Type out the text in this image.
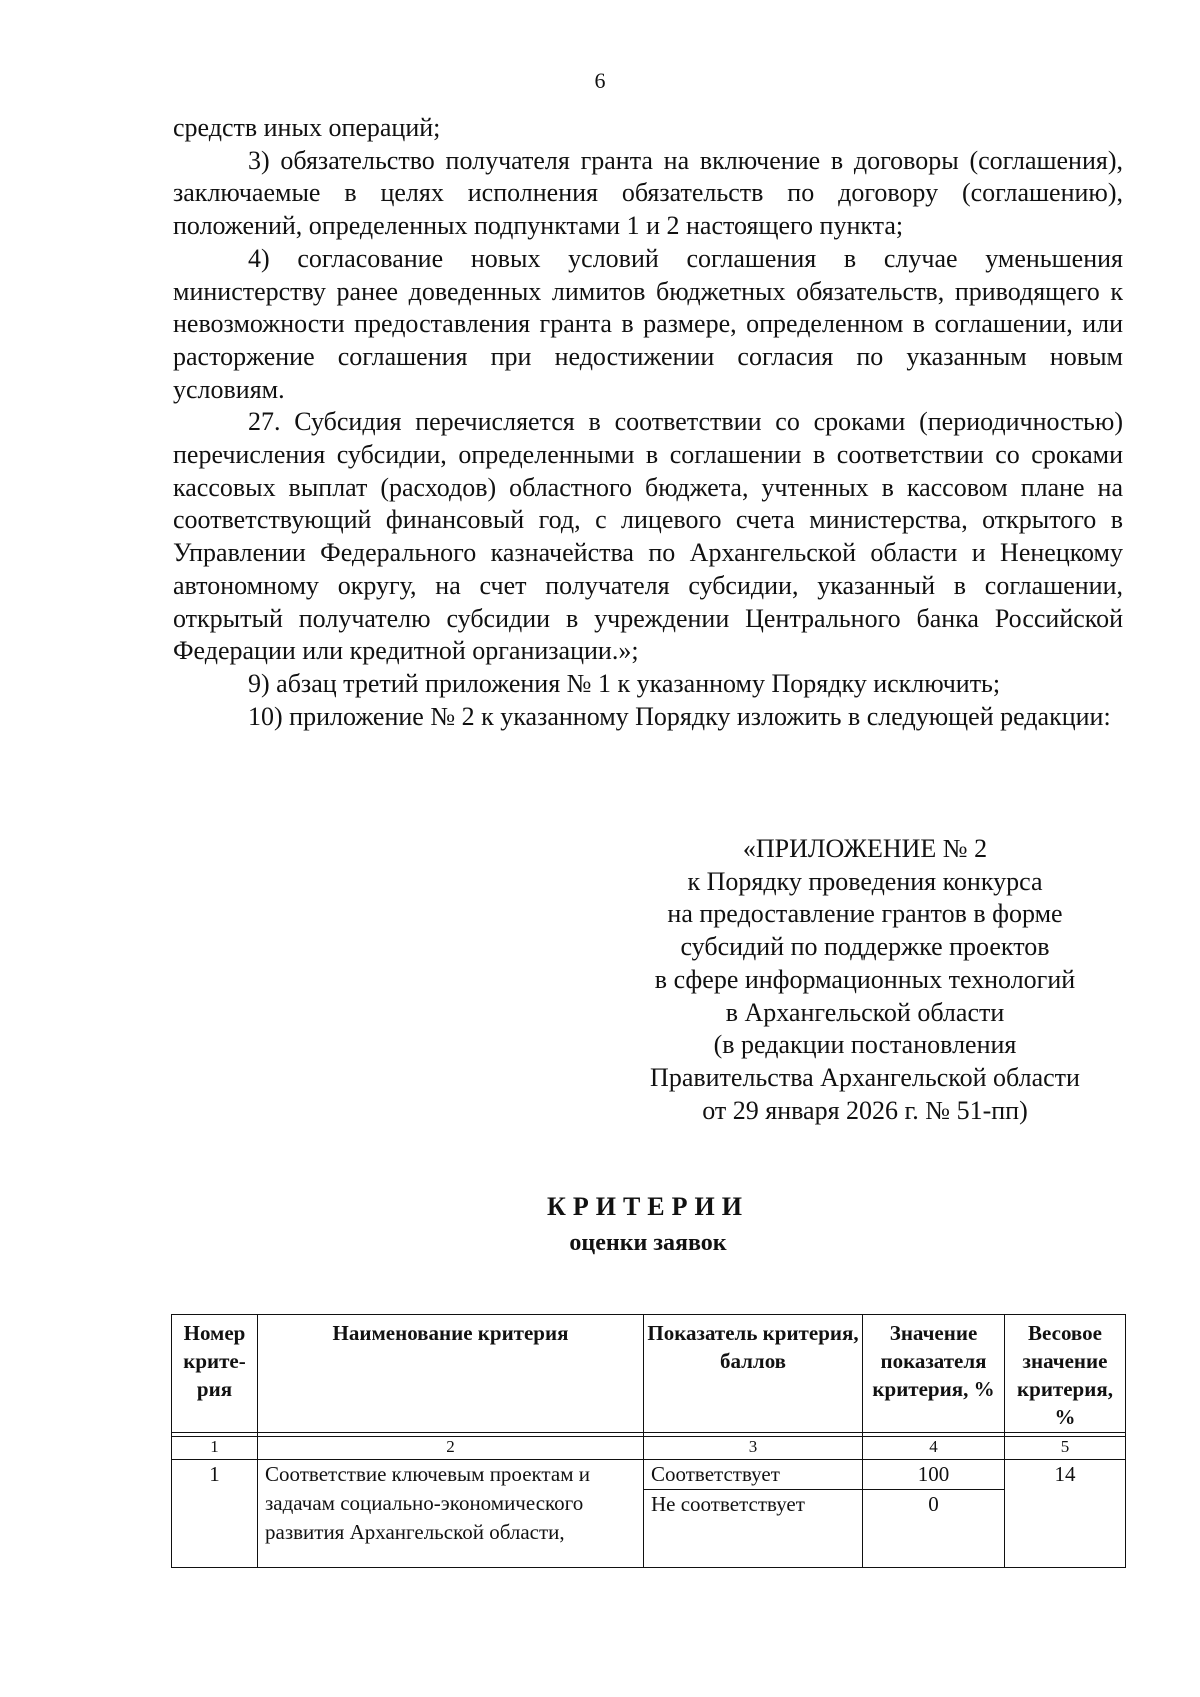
6

средств иных операций;

3) обязательство получателя гранта на включение в договоры (соглашения), заключаемые в целях исполнения обязательств по договору (соглашению), положений, определенных подпунктами 1 и 2 настоящего пункта;

4) согласование новых условий соглашения в случае уменьшения министерству ранее доведенных лимитов бюджетных обязательств, приводящего к невозможности предоставления гранта в размере, определенном в соглашении, или расторжение соглашения при недостижении согласия по указанным новым условиям.

27. Субсидия перечисляется в соответствии со сроками (периодичностью) перечисления субсидии, определенными в соглашении в соответствии со сроками кассовых выплат (расходов) областного бюджета, учтенных в кассовом плане на соответствующий финансовый год, с лицевого счета министерства, открытого в Управлении Федерального казначейства по Архангельской области и Ненецкому автономному округу, на счет получателя субсидии, указанный в соглашении, открытый получателю субсидии в учреждении Центрального банка Российской Федерации или кредитной организации.»;

9) абзац третий приложения № 1 к указанному Порядку исключить;

10) приложение № 2 к указанному Порядку изложить в следующей редакции:

«ПРИЛОЖЕНИЕ № 2
к Порядку проведения конкурса
на предоставление грантов в форме
субсидий по поддержке проектов
в сфере информационных технологий
в Архангельской области
(в редакции постановления
Правительства Архангельской области
от 29 января 2026 г. № 51-пп)
КРИТЕРИИ
оценки заявок
Номер крите-рия	Наименование критерия	Показатель критерия, баллов	Значение показателя критерия, %	Весовое значение критерия, %

1	2	3	4	5
1	Соответствие ключевым проектам и задачам социально-экономического развития Архангельской области,	Соответствует	100	14
		Не соответствует	0	
